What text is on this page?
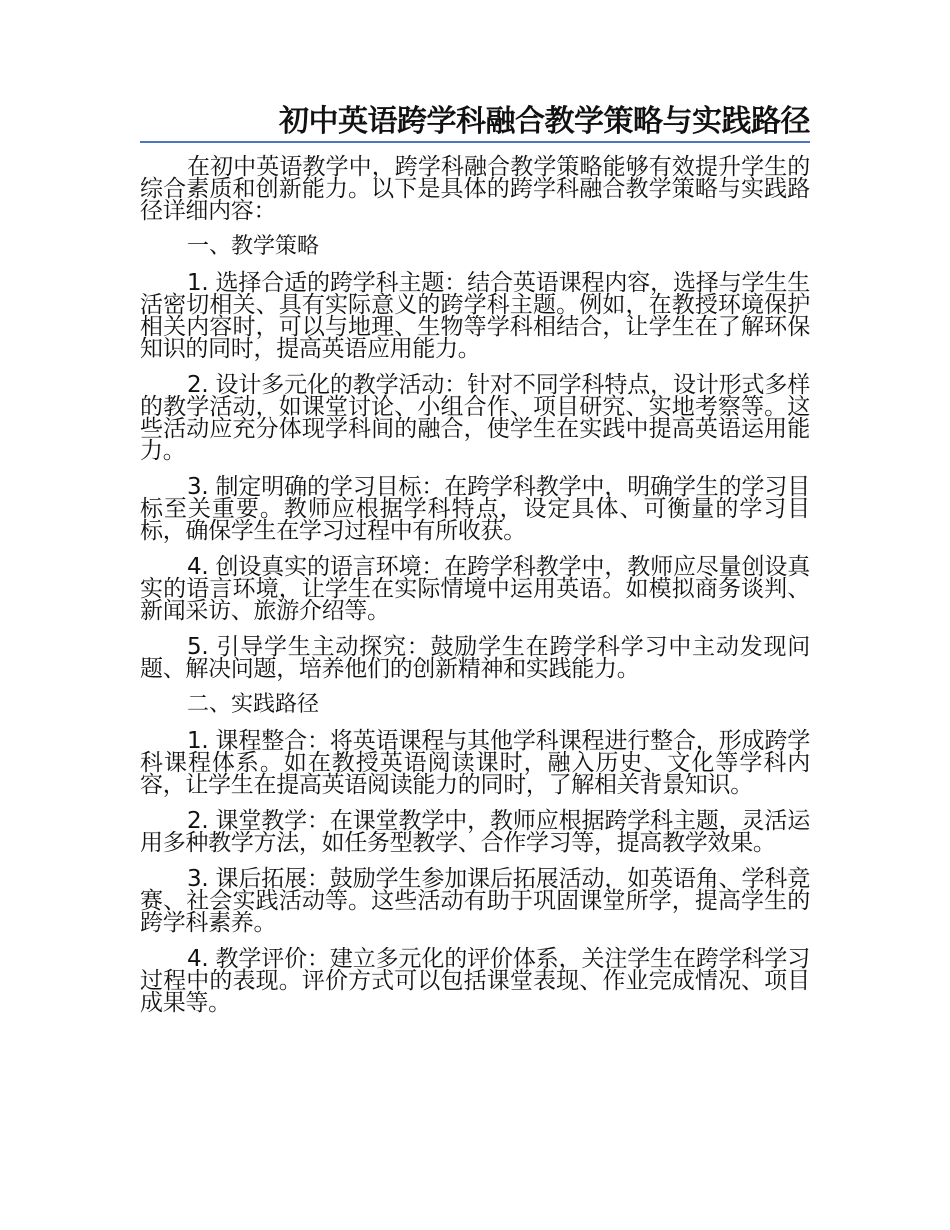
初中英语跨学科融合教学策略与实践路径

在初中英语教学中，跨学科融合教学策略能够有效提升学生的综合素质和创新能力。以下是具体的跨学科融合教学策略与实践路径详细内容：

一、教学策略

1. 选择合适的跨学科主题：结合英语课程内容，选择与学生生活密切相关、具有实际意义的跨学科主题。例如，在教授环境保护相关内容时，可以与地理、生物等学科相结合，让学生在了解环保知识的同时，提高英语应用能力。

2. 设计多元化的教学活动：针对不同学科特点，设计形式多样的教学活动，如课堂讨论、小组合作、项目研究、实地考察等。这些活动应充分体现学科间的融合，使学生在实践中提高英语运用能力。

3. 制定明确的学习目标：在跨学科教学中，明确学生的学习目标至关重要。教师应根据学科特点，设定具体、可衡量的学习目标，确保学生在学习过程中有所收获。

4. 创设真实的语言环境：在跨学科教学中，教师应尽量创设真实的语言环境，让学生在实际情境中运用英语。如模拟商务谈判、新闻采访、旅游介绍等。

5. 引导学生主动探究：鼓励学生在跨学科学习中主动发现问题、解决问题，培养他们的创新精神和实践能力。

二、实践路径

1. 课程整合：将英语课程与其他学科课程进行整合，形成跨学科课程体系。如在教授英语阅读课时，融入历史、文化等学科内容，让学生在提高英语阅读能力的同时，了解相关背景知识。

2. 课堂教学：在课堂教学中，教师应根据跨学科主题，灵活运用多种教学方法，如任务型教学、合作学习等，提高教学效果。

3. 课后拓展：鼓励学生参加课后拓展活动，如英语角、学科竞赛、社会实践活动等。这些活动有助于巩固课堂所学，提高学生的跨学科素养。

4. 教学评价：建立多元化的评价体系，关注学生在跨学科学习过程中的表现。评价方式可以包括课堂表现、作业完成情况、项目成果等。
